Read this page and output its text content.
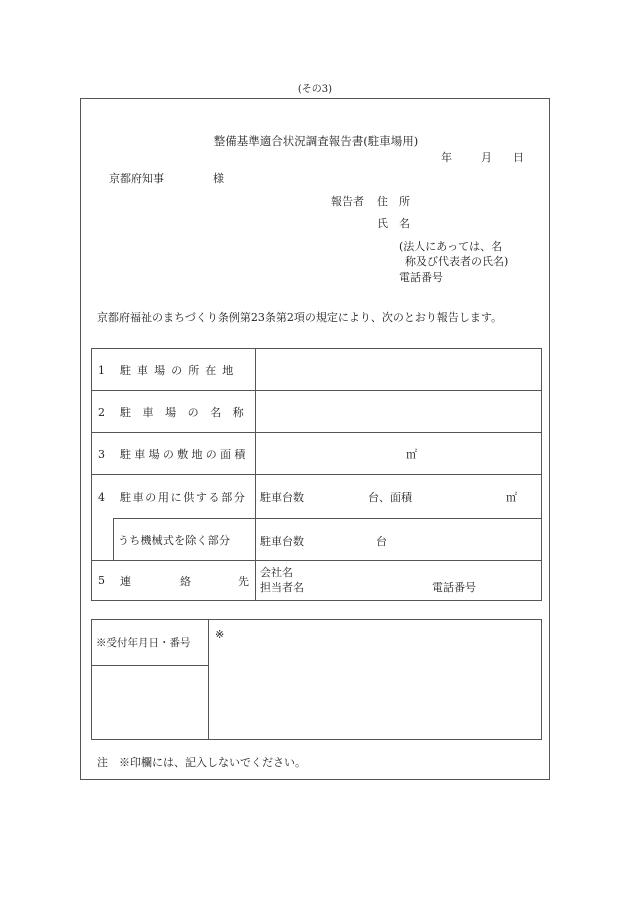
(その3)
整備基準適合状況調査報告書(駐車場用)
年	月 日
京都府知事	様
報告者 住　所
氏　名
(法人にあっては、名
称及び代表者の氏名)
電話番号
京都府福祉のまちづくり条例第23条第2項の規定により、次のとおり報告します。
1 駐車場の所在地		
2 駐車場の名称		
3 駐車場の敷地の面積		㎡

4 駐車の用に供する部分		駐車台数 台、面積 ㎡

	うち機械式を除く部分	駐車台数 台

5 連 絡 先		会社名
担当者名 電話番号
※受付年月日・番号	※

注　※印欄には、記入しないでください。
